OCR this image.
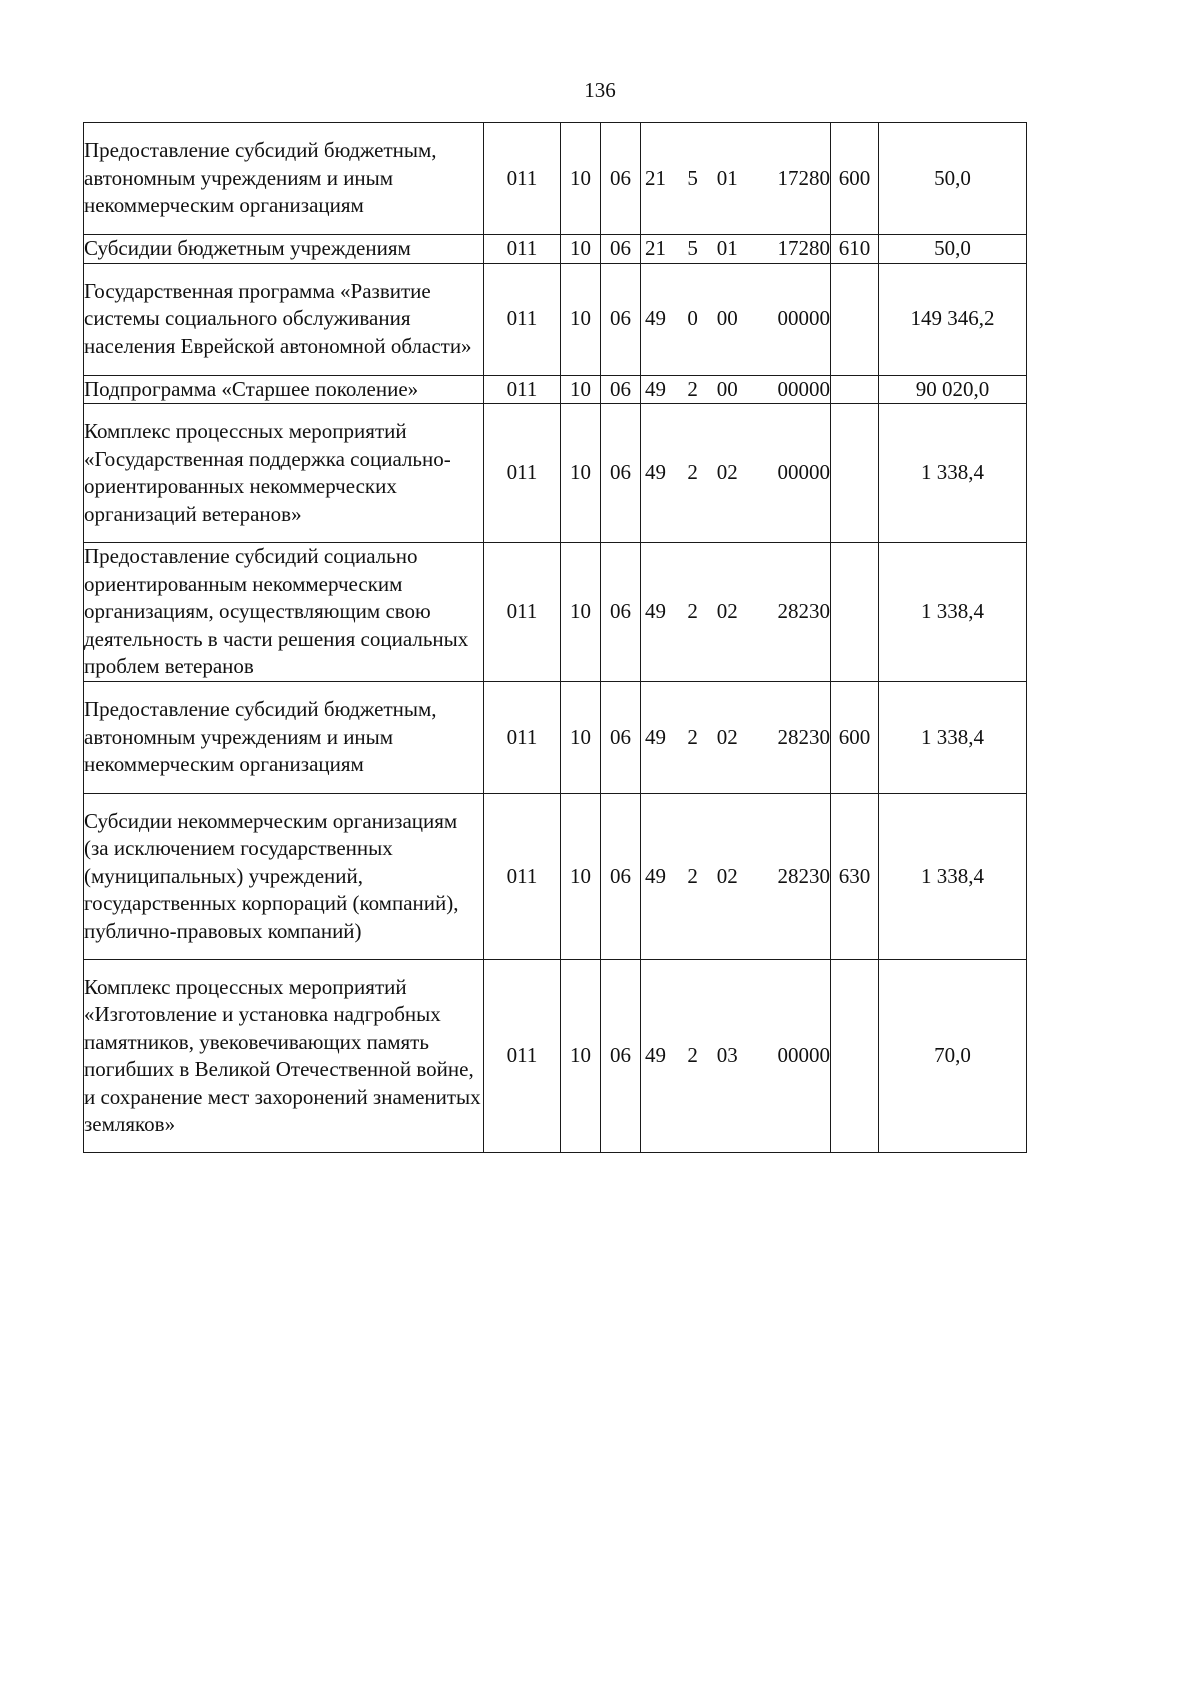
136
Предоставление субсидий бюджетным, автономным учреждениям и иным некоммерческим организациям	011	10	06	21 5 01 17280	600	50,0
Субсидии бюджетным учреждениям	011	10	06	21 5 01 17280	610	50,0
Государственная программа «Развитие системы социального обслуживания населения Еврейской автономной области»	011	10	06	49 0 00 00000		149 346,2
Подпрограмма «Старшее поколение»	011	10	06	49 2 00 00000		90 020,0
Комплекс процессных мероприятий «Государственная поддержка социально-ориентированных некоммерческих организаций ветеранов»	011	10	06	49 2 02 00000		1 338,4
Предоставление субсидий социально ориентированным некоммерческим организациям, осуществляющим свою деятельность в части решения социальных проблем ветеранов	011	10	06	49 2 02 28230		1 338,4
Предоставление субсидий бюджетным, автономным учреждениям и иным некоммерческим организациям	011	10	06	49 2 02 28230	600	1 338,4
Субсидии некоммерческим организациям (за исключением государственных (муниципальных) учреждений, государственных корпораций (компаний), публично-правовых компаний)	011	10	06	49 2 02 28230	630	1 338,4
Комплекс процессных мероприятий «Изготовление и установка надгробных памятников, увековечивающих память погибших в Великой Отечественной войне, и сохранение мест захоронений знаменитых земляков»	011	10	06	49 2 03 00000		70,0
